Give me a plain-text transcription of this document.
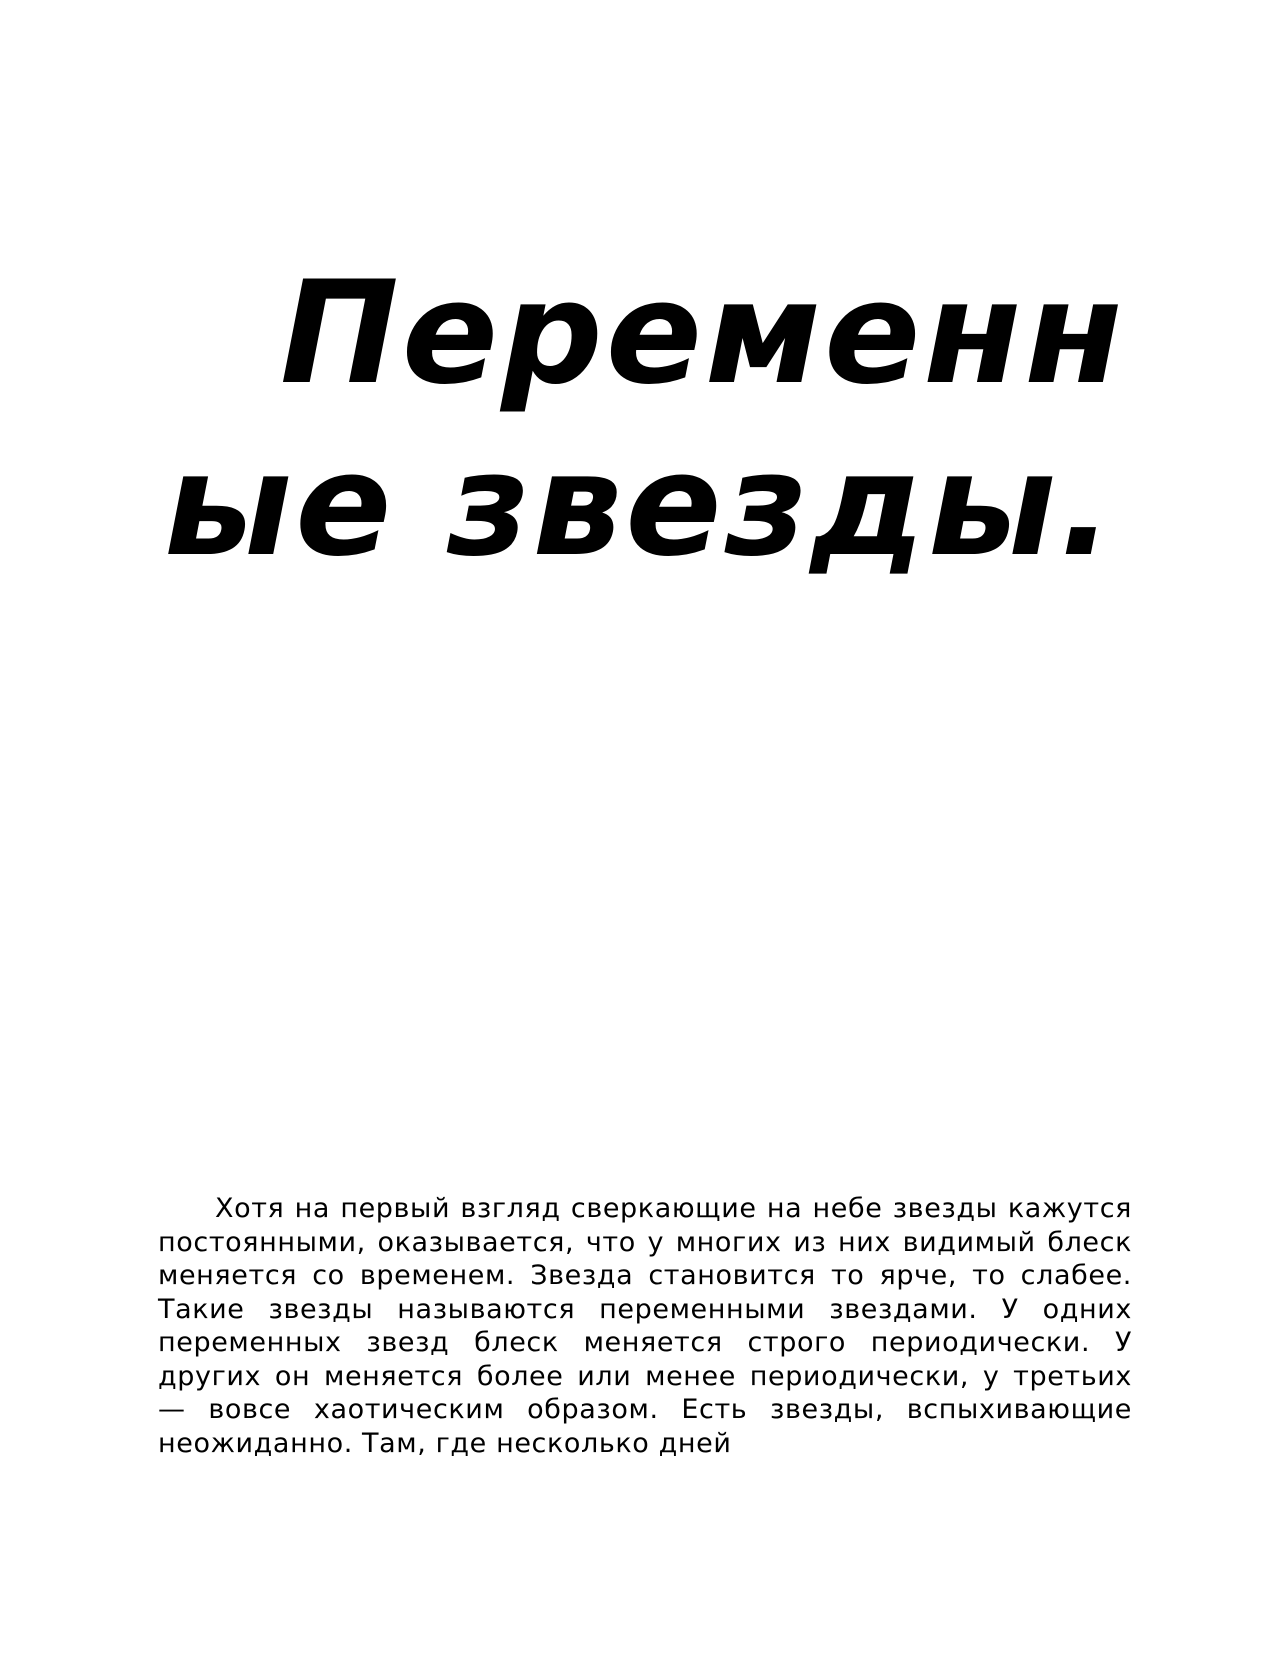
Переменн
ые звезды.

Хотя на первый взгляд сверкающие на небе звезды кажутся постоянными, оказывается, что у многих из них видимый блеск меняется со временем. Звезда становится то ярче, то слабее. Такие звезды называются переменными звездами. У одних переменных звезд блеск меняется строго периодически. У других он меняется более или менее периодически, у третьих — вовсе хаотическим образом. Есть звезды, вспыхивающие неожиданно. Там, где несколько дней
